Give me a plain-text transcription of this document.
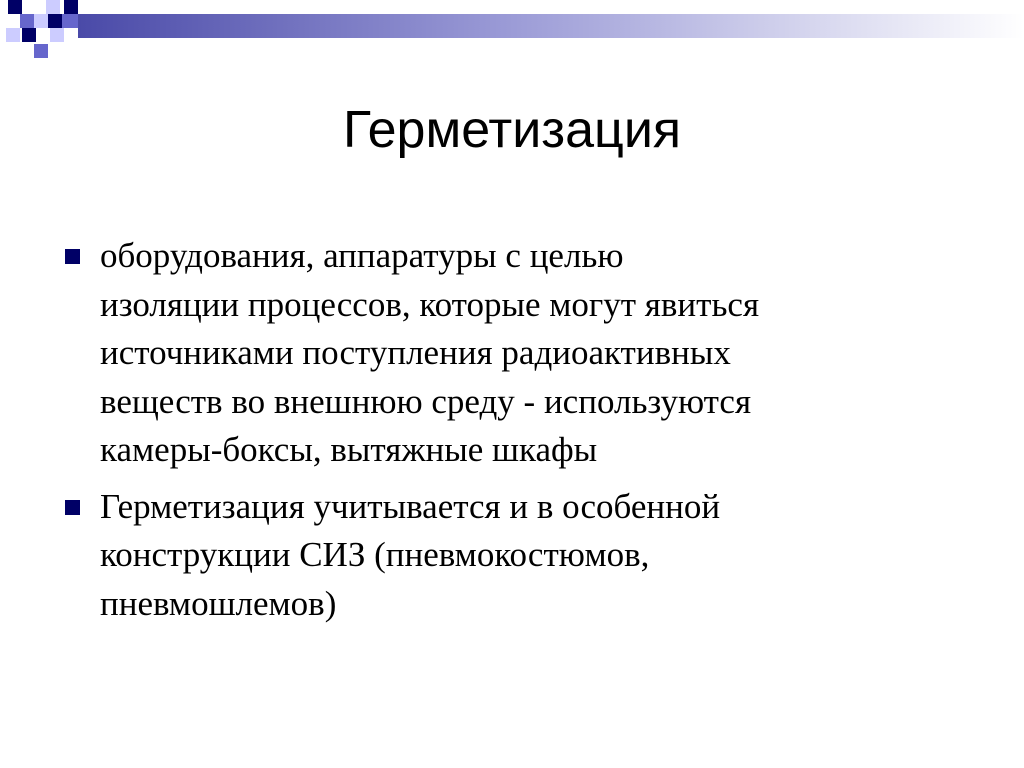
Герметизация
оборудования, аппаратуры с целью
изоляции процессов, которые могут явиться
источниками поступления радиоактивных
веществ во внешнюю среду - используются
камеры-боксы, вытяжные шкафы
Герметизация учитывается и в особенной
конструкции СИЗ (пневмокостюмов,
пневмошлемов)
